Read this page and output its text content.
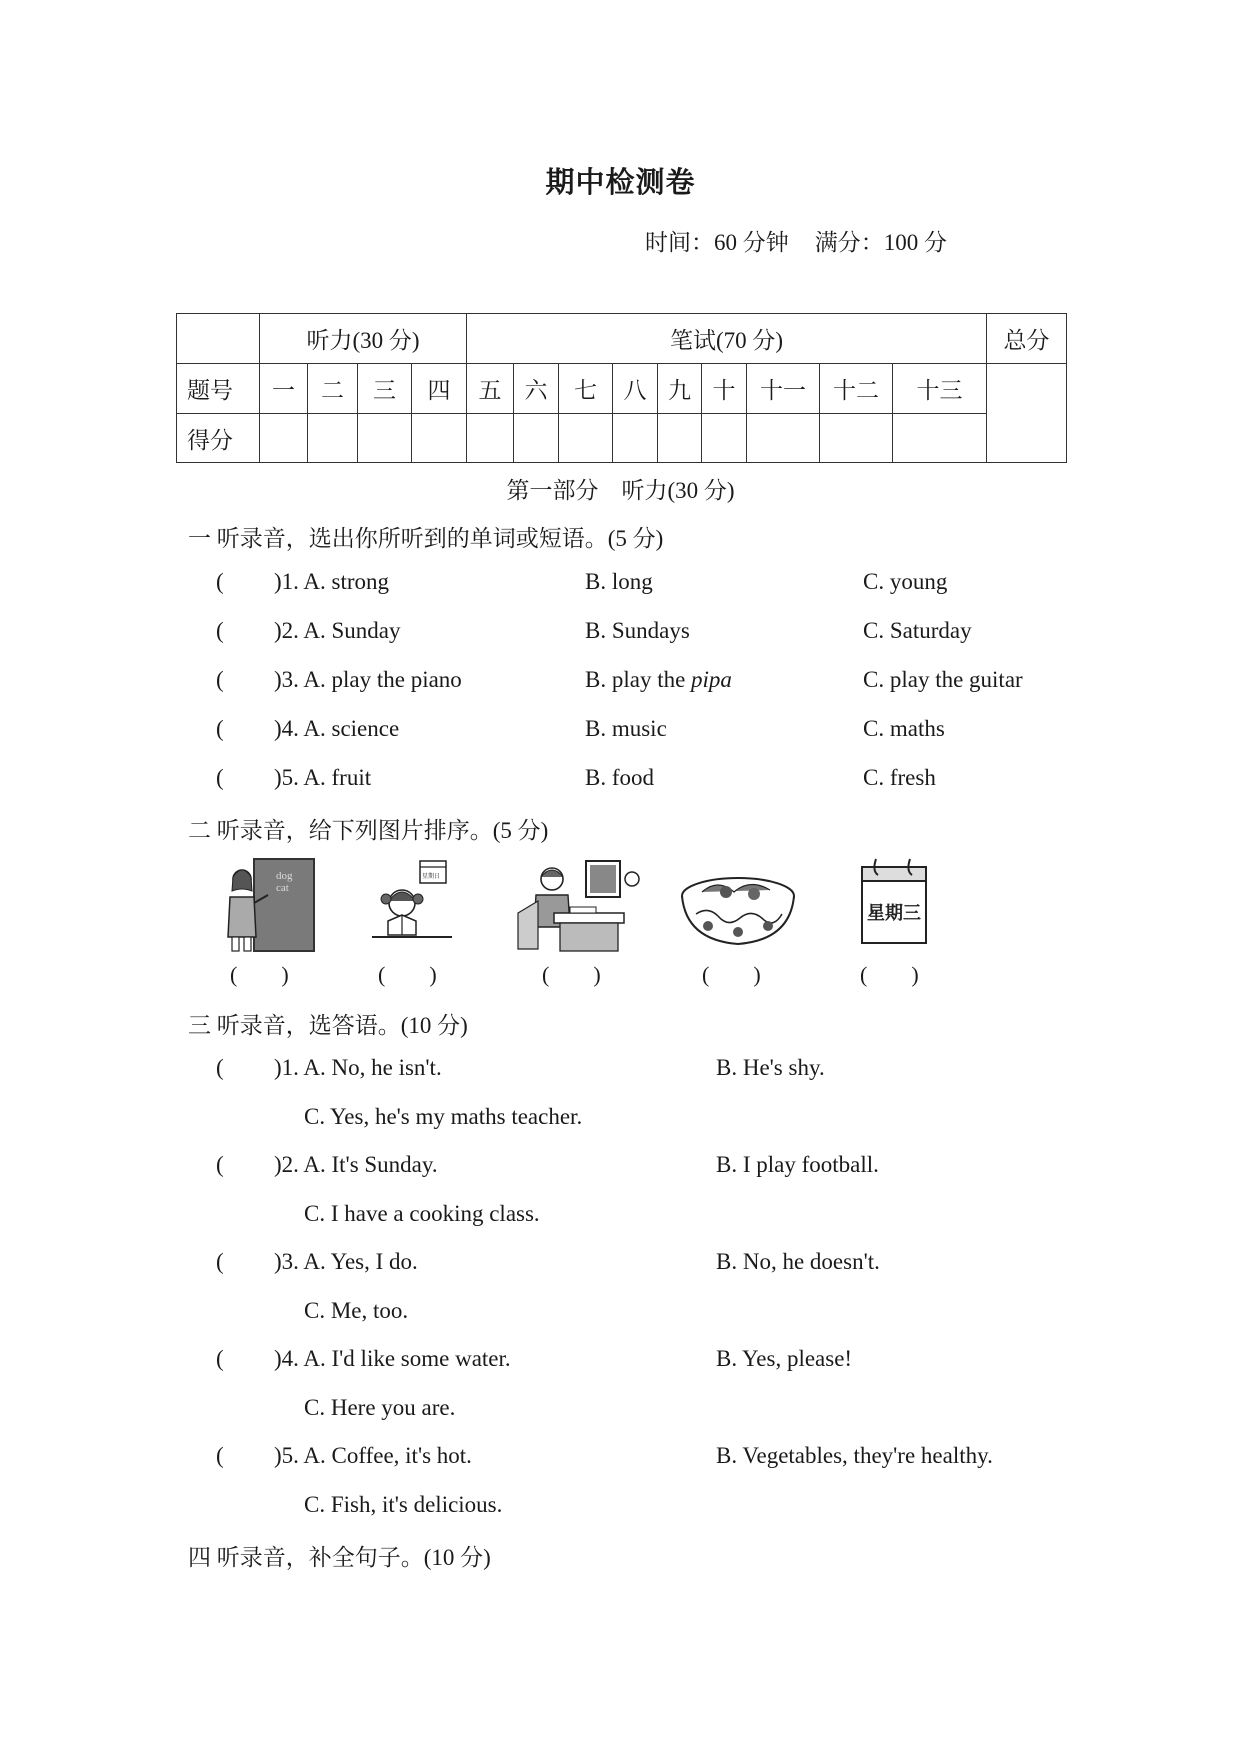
期中检测卷
时间：60 分钟 满分：100 分
	听力(30 分)				笔试(70 分)									总分
题号	一	二	三	四	五	六	七	八	九	十	十一	十二	十三	
得分														
第一部分　听力(30 分)
一 听录音，选出你所听到的单词或短语。(5 分)
( )1. A. strong	B. long	C. young
( )2. A. Sunday	B. Sundays	C. Saturday
( )3. A. play the piano	B. play the pipa	C. play the guitar
( )4. A. science	B. music	C. maths
( )5. A. fruit	B. food	C. fresh
二 听录音，给下列图片排序。(5 分)
dog
cat
(　　)
星期日
(　　)	(　　)	(　　)
星期三
(　　)
三 听录音，选答语。(10 分)
( )1. A. No, he isn't.	B. He's shy.
C. Yes, he's my maths teacher.
( )2. A. It's Sunday.	B. I play football.
C. I have a cooking class.
( )3. A. Yes, I do.	B. No, he doesn't.
C. Me, too.
( )4. A. I'd like some water.	B. Yes, please!
C. Here you are.
( )5. A. Coffee, it's hot.	B. Vegetables, they're healthy.
C. Fish, it's delicious.
四 听录音，补全句子。(10 分)
